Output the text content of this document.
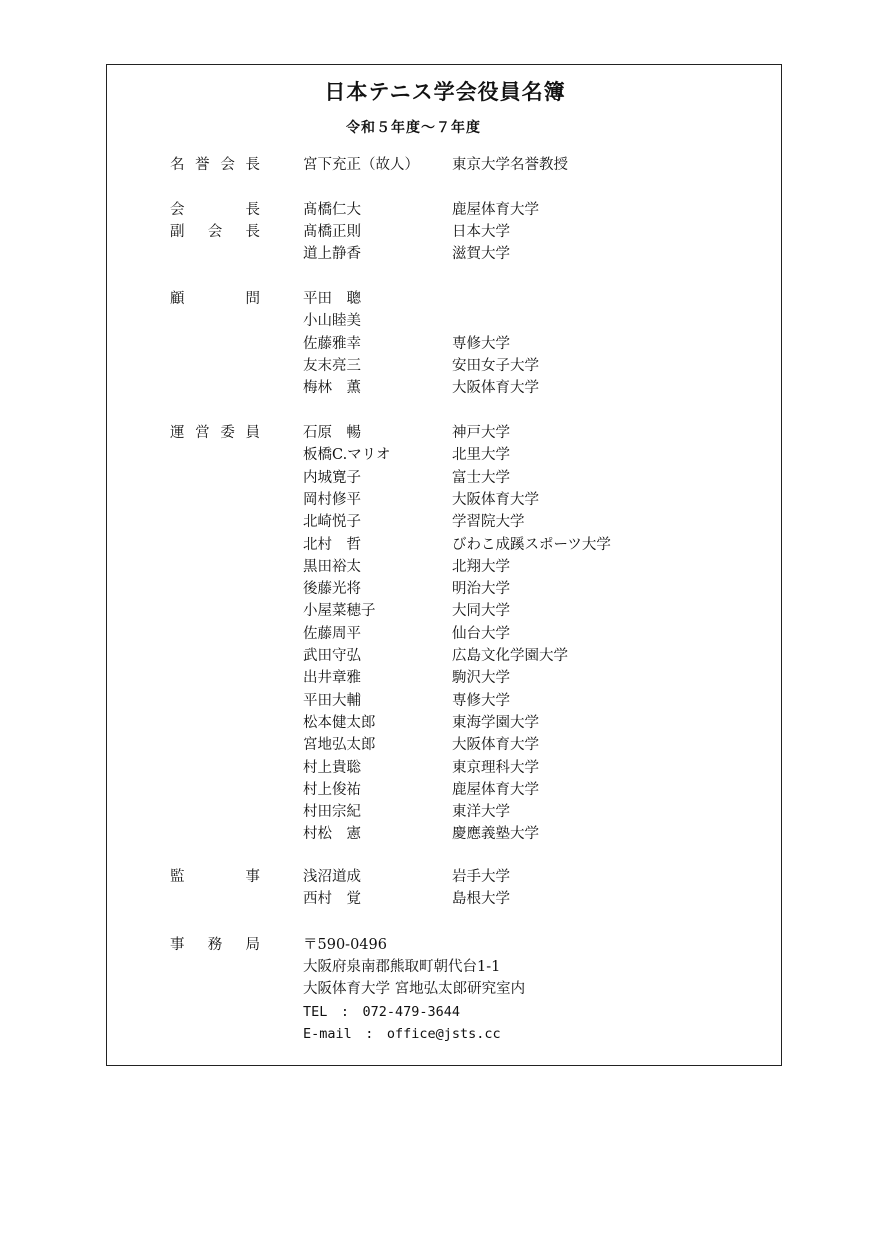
日本テニス学会役員名簿
令和５年度～７年度
名 誉 会 長	宮下充正（故人） 東京大学名誉教授
会	長	髙橋仁大	鹿屋体育大学
副 会 長	髙橋正則	日本大学
道上静香	滋賀大学
顧	問	平田　聰
小山睦美
佐藤雅幸	専修大学
友末亮三	安田女子大学
梅林　薫	大阪体育大学
運 営 委 員	石原　暢	神戸大学
板橋C.マリオ	北里大学
内城寛子	富士大学
岡村修平	大阪体育大学
北崎悦子	学習院大学
北村　哲	びわこ成蹊スポーツ大学
黒田裕太	北翔大学
後藤光将	明治大学
小屋菜穂子	大同大学
佐藤周平	仙台大学
武田守弘	広島文化学園大学
出井章雅	駒沢大学
平田大輔	専修大学
松本健太郎	東海学園大学
宮地弘太郎	大阪体育大学
村上貴聡	東京理科大学
村上俊祐	鹿屋体育大学
村田宗紀	東洋大学
村松　憲	慶應義塾大学
監	事	浅沼道成	岩手大学
西村　覚	島根大学
事 務 局	〒590-0496
大阪府泉南郡熊取町朝代台1-1
大阪体育大学 宮地弘太郎研究室内
TEL　:　072-479-3644
E-mail　:　office@jsts.cc
